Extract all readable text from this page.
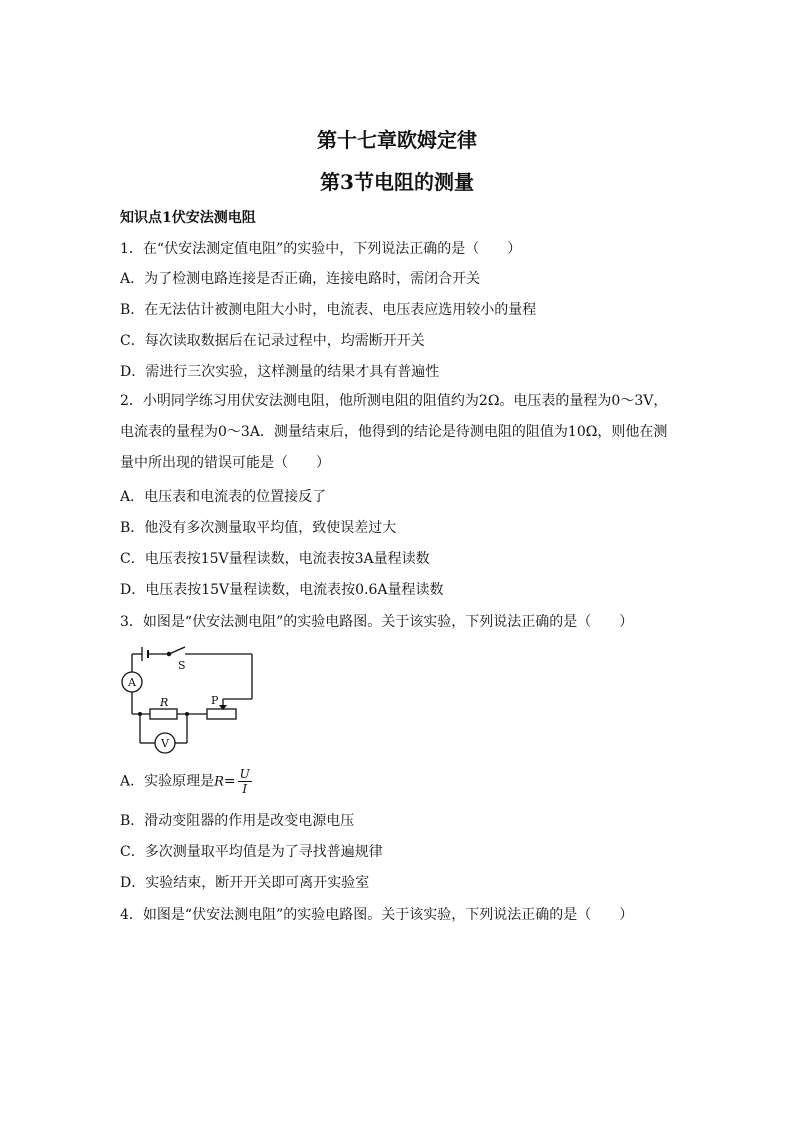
第十七章欧姆定律
第3节电阻的测量
知识点1伏安法测电阻
1．在“伏安法测定值电阻”的实验中，下列说法正确的是（　　）
A．为了检测电路连接是否正确，连接电路时，需闭合开关
B．在无法估计被测电阻大小时，电流表、电压表应选用较小的量程
C．每次读取数据后在记录过程中，均需断开开关
D．需进行三次实验，这样测量的结果才具有普遍性
2．小明同学练习用伏安法测电阻，他所测电阻的阻值约为2Ω。电压表的量程为0～3V，电流表的量程为0～3A．测量结束后，他得到的结论是待测电阻的阻值为10Ω，则他在测量中所出现的错误可能是（　　）
A．电压表和电流表的位置接反了
B．他没有多次测量取平均值，致使误差过大
C．电压表按15V量程读数，电流表按3A量程读数
D．电压表按15V量程读数，电流表按0.6A量程读数
3．如图是“伏安法测电阻”的实验电路图。关于该实验，下列说法正确的是（　　）
S
A
R	P
V
A．实验原理是$R= \frac{U}{I}$
B．滑动变阻器的作用是改变电源电压
C．多次测量取平均值是为了寻找普遍规律
D．实验结束，断开开关即可离开实验室
4．如图是“伏安法测电阻”的实验电路图。关于该实验，下列说法正确的是（　　）
